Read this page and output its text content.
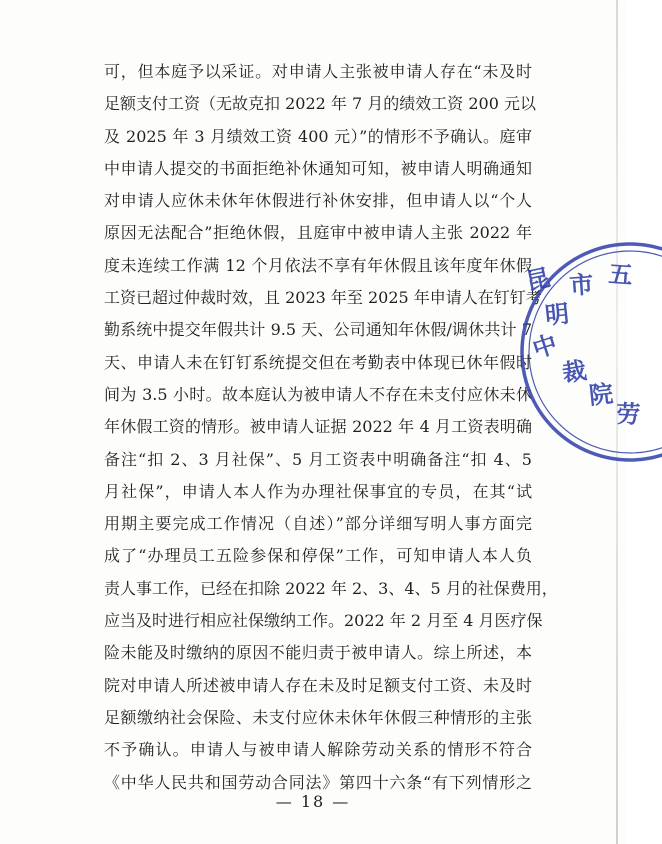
可，但本庭予以采证。对申请人主张被申请人存在“未及时
足额支付工资（无故克扣 2022 年 7 月的绩效工资 200 元以
及 2025 年 3 月绩效工资 400 元）”的情形不予确认。庭审
中申请人提交的书面拒绝补休通知可知，被申请人明确通知
对申请人应休未休年休假进行补休安排，但申请人以“个人
原因无法配合”拒绝休假，且庭审中被申请人主张 2022 年
度未连续工作满 12 个月依法不享有年休假且该年度年休假
工资已超过仲裁时效，且 2023 年至 2025 年申请人在钉钉考
勤系统中提交年假共计 9.5 天、公司通知年休假/调休共计 7
天、申请人未在钉钉系统提交但在考勤表中体现已休年假时
间为 3.5 小时。故本庭认为被申请人不存在未支付应休未休
年休假工资的情形。被申请人证据 2022 年 4 月工资表明确
备注“扣 2、3 月社保”、5 月工资表中明确备注“扣 4、5
月社保”，申请人本人作为办理社保事宜的专员，在其“试
用期主要完成工作情况（自述）”部分详细写明人事方面完
成了“办理员工五险参保和停保”工作，可知申请人本人负
责人事工作，已经在扣除 2022 年 2、3、4、5 月的社保费用，
应当及时进行相应社保缴纳工作。2022 年 2 月至 4 月医疗保
险未能及时缴纳的原因不能归责于被申请人。综上所述，本
院对申请人所述被申请人存在未及时足额支付工资、未及时
足额缴纳社会保险、未支付应休未休年休假三种情形的主张
不予确认。申请人与被申请人解除劳动关系的情形不符合
《中华人民共和国劳动合同法》第四十六条“有下列情形之
昆
明
市 五
中
裁
院
劳
— 18 —
